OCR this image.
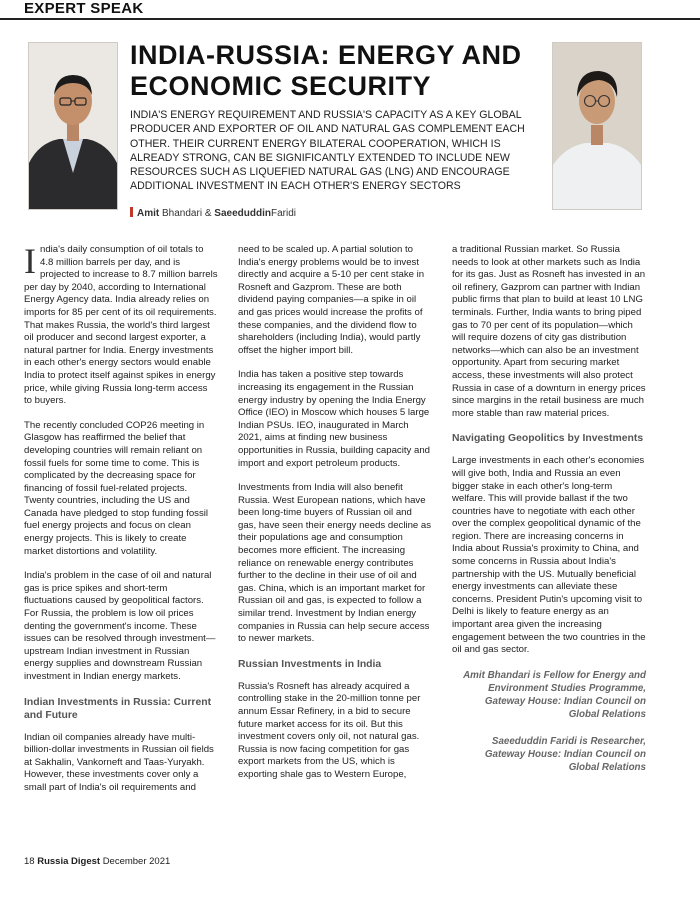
EXPERT SPEAK
INDIA-RUSSIA: ENERGY AND ECONOMIC SECURITY
INDIA'S ENERGY REQUIREMENT AND RUSSIA'S CAPACITY AS A KEY GLOBAL PRODUCER AND EXPORTER OF OIL AND NATURAL GAS COMPLEMENT EACH OTHER. THEIR CURRENT ENERGY BILATERAL COOPERATION, WHICH IS ALREADY STRONG, CAN BE SIGNIFICANTLY EXTENDED TO INCLUDE NEW RESOURCES SUCH AS LIQUEFIED NATURAL GAS (LNG) AND ENCOURAGE ADDITIONAL INVESTMENT IN EACH OTHER'S ENERGY SECTORS
Amit Bhandari & SaeeduddinFaridi

India's daily consumption of oil totals to 4.8 million barrels per day, and is projected to increase to 8.7 million barrels per day by 2040, according to International Energy Agency data. India already relies on imports for 85 per cent of its oil requirements. That makes Russia, the world's third largest oil producer and second largest exporter, a natural partner for India. Energy investments in each other's energy sectors would enable India to protect itself against spikes in energy price, while giving Russia long-term access to buyers.

The recently concluded COP26 meeting in Glasgow has reaffirmed the belief that developing countries will remain reliant on fossil fuels for some time to come. This is complicated by the decreasing space for financing of fossil fuel-related projects. Twenty countries, including the US and Canada have pledged to stop funding fossil fuel energy projects and focus on clean energy projects. This is likely to create market distortions and volatility.

India's problem in the case of oil and natural gas is price spikes and short-term fluctuations caused by geopolitical factors. For Russia, the problem is low oil prices denting the government's income. These issues can be resolved through investment—upstream Indian investment in Russian energy supplies and downstream Russian investment in Indian energy markets.

Indian Investments in Russia: Current and Future

Indian oil companies already have multi-billion-dollar investments in Russian oil fields at Sakhalin, Vankorneft and Taas-Yuryakh. However, these investments cover only a small part of India's oil requirements and

need to be scaled up. A partial solution to India's energy problems would be to invest directly and acquire a 5-10 per cent stake in Rosneft and Gazprom. These are both dividend paying companies—a spike in oil and gas prices would increase the profits of these companies, and the dividend flow to shareholders (including India), would partly offset the higher import bill.

India has taken a positive step towards increasing its engagement in the Russian energy industry by opening the India Energy Office (IEO) in Moscow which houses 5 large Indian PSUs. IEO, inaugurated in March 2021, aims at finding new business opportunities in Russia, building capacity and import and export petroleum products.

Investments from India will also benefit Russia. West European nations, which have been long-time buyers of Russian oil and gas, have seen their energy needs decline as their populations age and consumption becomes more efficient. The increasing reliance on renewable energy contributes further to the decline in their use of oil and gas. China, which is an important market for Russian oil and gas, is expected to follow a similar trend. Investment by Indian energy companies in Russia can help secure access to newer markets.

Russian Investments in India

Russia's Rosneft has already acquired a controlling stake in the 20-million tonne per annum Essar Refinery, in a bid to secure future market access for its oil. But this investment covers only oil, not natural gas. Russia is now facing competition for gas export markets from the US, which is exporting shale gas to Western Europe,

a traditional Russian market. So Russia needs to look at other markets such as India for its gas. Just as Rosneft has invested in an oil refinery, Gazprom can partner with Indian public firms that plan to build at least 10 LNG terminals. Further, India wants to bring piped gas to 70 per cent of its population—which will require dozens of city gas distribution networks—which can also be an investment opportunity. Apart from securing market access, these investments will also protect Russia in case of a downturn in energy prices since margins in the retail business are much more stable than raw material prices.

Navigating Geopolitics by Investments

Large investments in each other's economies will give both, India and Russia an even bigger stake in each other's long-term welfare. This will provide ballast if the two countries have to negotiate with each other over the complex geopolitical dynamic of the region. There are increasing concerns in India about Russia's proximity to China, and some concerns in Russia about India's partnership with the US. Mutually beneficial energy investments can alleviate these concerns. President Putin's upcoming visit to Delhi is likely to feature energy as an important area given the increasing engagement between the two countries in the oil and gas sector.

Amit Bhandari is Fellow for Energy and Environment Studies Programme, Gateway House: Indian Council on Global Relations
Saeeduddin Faridi is Researcher, Gateway House: Indian Council on Global Relations
18 Russia Digest December 2021
